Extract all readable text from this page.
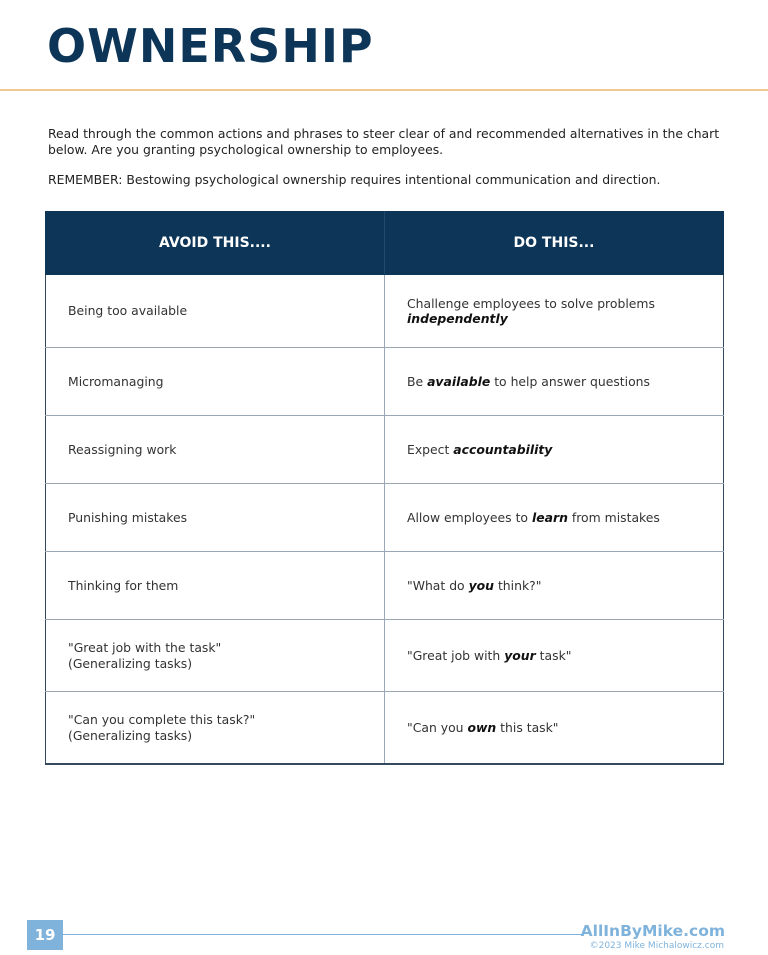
OWNERSHIP

Read through the common actions and phrases to steer clear of and recommended alternatives in the chart below. Are you granting psychological ownership to employees.

REMEMBER: Bestowing psychological ownership requires intentional communication and direction.

AVOID THIS....	DO THIS...
Being too available	Challenge employees to solve problems
independently
Micromanaging	Be available to help answer questions
Reassigning work	Expect accountability
Punishing mistakes	Allow employees to learn from mistakes
Thinking for them	"What do you think?"
"Great job with the task"
(Generalizing tasks)	"Great job with your task"
"Can you complete this task?"
(Generalizing tasks)	"Can you own this task"
19	AllInByMike.com
©2023 Mike Michalowicz.com
